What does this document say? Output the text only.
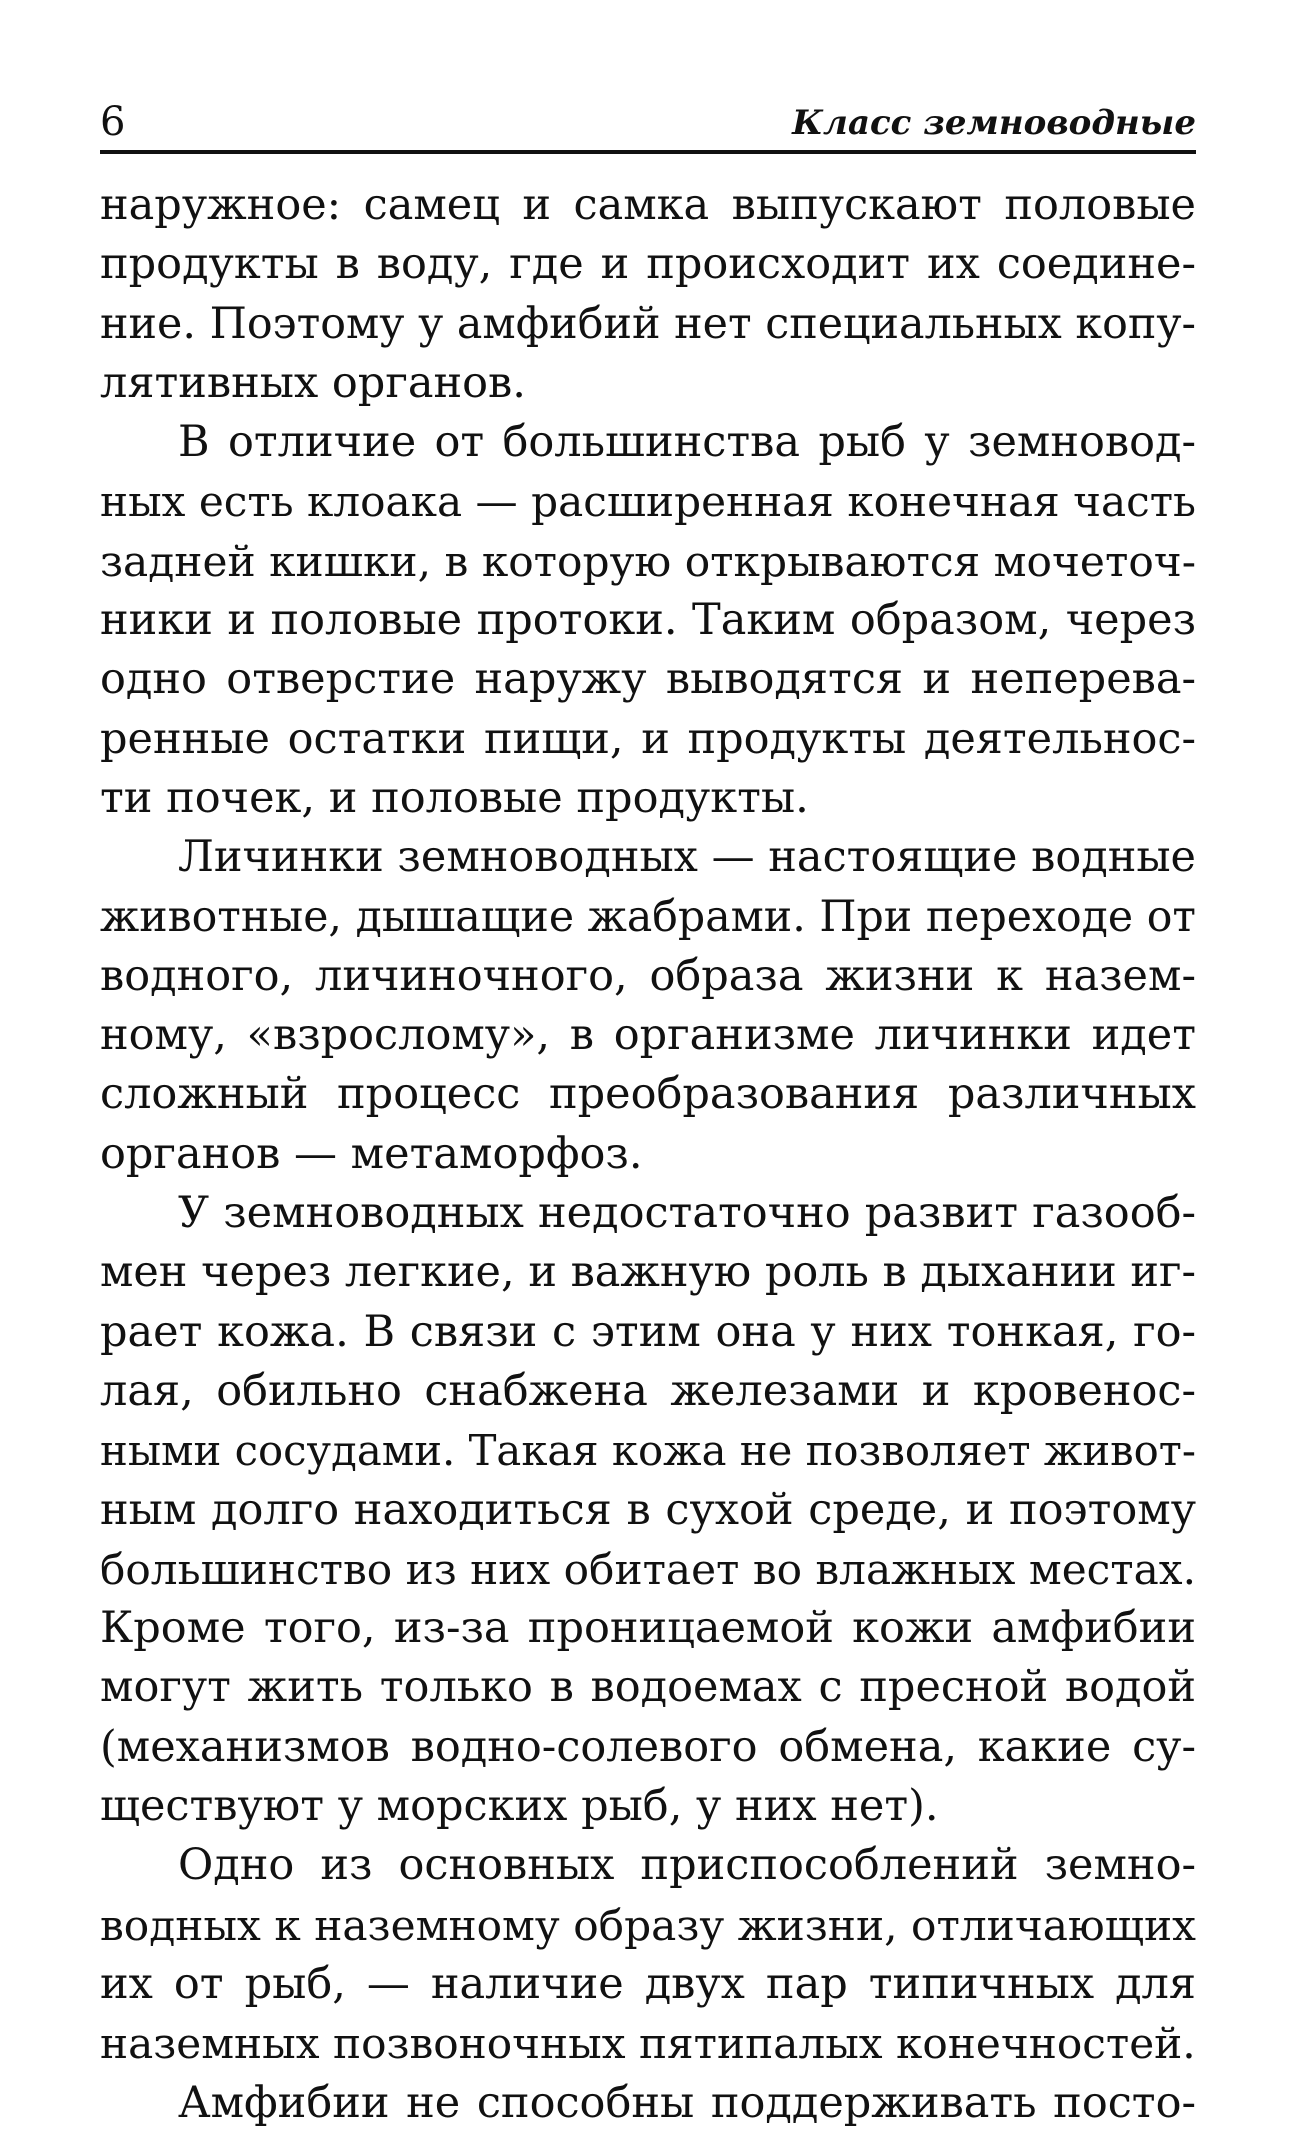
6	Класс земноводные
наружное: самец и самка выпускают половые
продукты в воду, где и происходит их соедине-
ние. Поэтому у амфибий нет специальных копу-
лятивных органов.
В отличие от большинства рыб у земновод-
ных есть клоака — расширенная конечная часть
задней кишки, в которую открываются мочеточ-
ники и половые протоки. Таким образом, через
одно отверстие наружу выводятся и неперева-
ренные остатки пищи, и продукты деятельнос-
ти почек, и половые продукты.
Личинки земноводных — настоящие водные
животные, дышащие жабрами. При переходе от
водного, личиночного, образа жизни к назем-
ному, «взрослому», в организме личинки идет
сложный процесс преобразования различных
органов — метаморфоз.
У земноводных недостаточно развит газооб-
мен через легкие, и важную роль в дыхании иг-
рает кожа. В связи с этим она у них тонкая, го-
лая, обильно снабжена железами и кровенос-
ными сосудами. Такая кожа не позволяет живот-
ным долго находиться в сухой среде, и поэтому
большинство из них обитает во влажных местах.
Кроме того, из-за проницаемой кожи амфибии
могут жить только в водоемах с пресной водой
(механизмов водно-солевого обмена, какие су-
ществуют у морских рыб, у них нет).
Одно из основных приспособлений земно-
водных к наземному образу жизни, отличающих
их от рыб, — наличие двух пар типичных для
наземных позвоночных пятипалых конечностей.
Амфибии не способны поддерживать посто-
